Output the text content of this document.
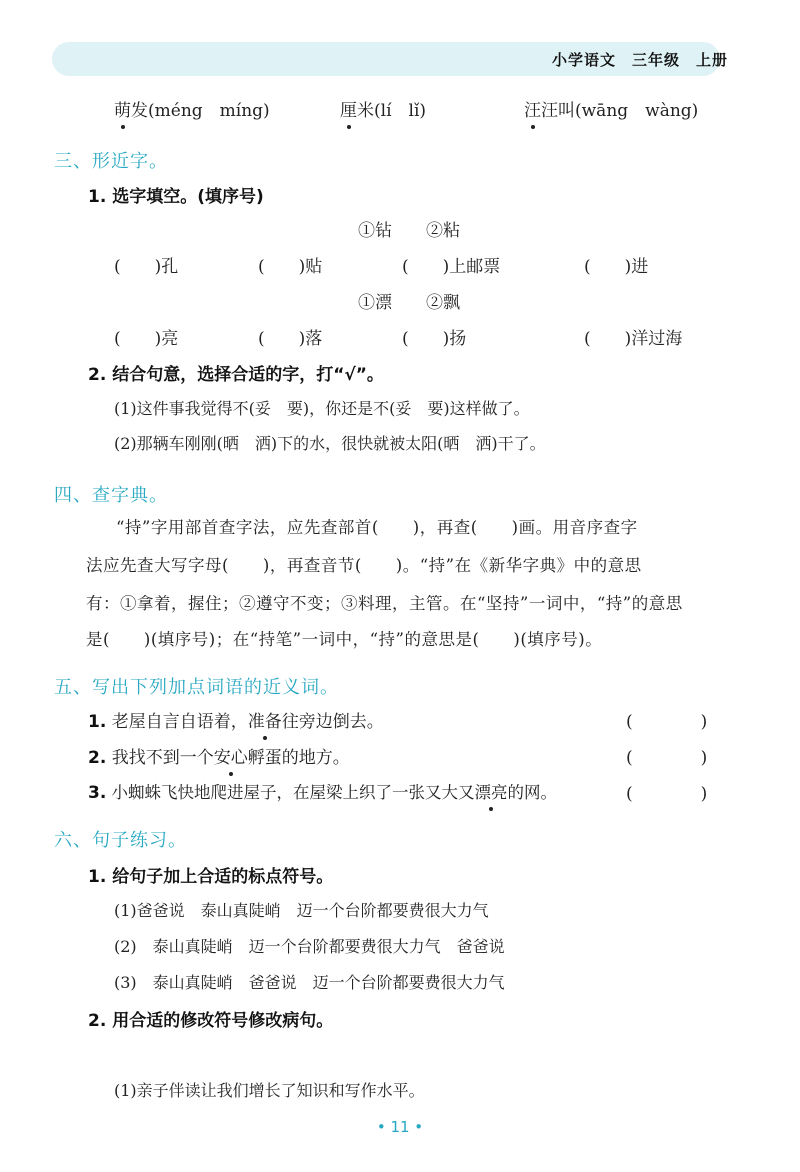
小学语文　三年级　上册
萌发(méng　míng)	厘米(lí　lǐ)	汪汪叫(wāng　wàng)
三、形近字。
1. 选字填空。(填序号)
①钻　　②粘
(　　)孔	(　　)贴	(　　)上邮票	(　　)进
①漂　　②飘
(　　)亮	(　　)落	(　　)扬	(　　)洋过海
2. 结合句意，选择合适的字，打“√”。
(1)这件事我觉得不(妥　要)，你还是不(妥　要)这样做了。
(2)那辆车刚刚(晒　洒)下的水，很快就被太阳(晒　洒)干了。
四、查字典。
“持”字用部首查字法，应先查部首(　　)，再查(　　)画。用音序查字
法应先查大写字母(　　)，再查音节(　　)。“持”在《新华字典》中的意思
有：①拿着，握住；②遵守不变；③料理，主管。在“坚持”一词中，“持”的意思
是(　　)(填序号)；在“持笔”一词中，“持”的意思是(　　)(填序号)。
五、写出下列加点词语的近义词。
1. 老屋自言自语着，准备往旁边倒去。	(　　　　)
2. 我找不到一个安心孵蛋的地方。	(　　　　)
3. 小蜘蛛飞快地爬进屋子，在屋梁上织了一张又大又漂亮的网。	(　　　　)
六、句子练习。
1. 给句子加上合适的标点符号。
(1)爸爸说　泰山真陡峭　迈一个台阶都要费很大力气
(2)　泰山真陡峭　迈一个台阶都要费很大力气　爸爸说
(3)　泰山真陡峭　爸爸说　迈一个台阶都要费很大力气
2. 用合适的修改符号修改病句。
(1)亲子伴读让我们增长了知识和写作水平。
• 11 •
